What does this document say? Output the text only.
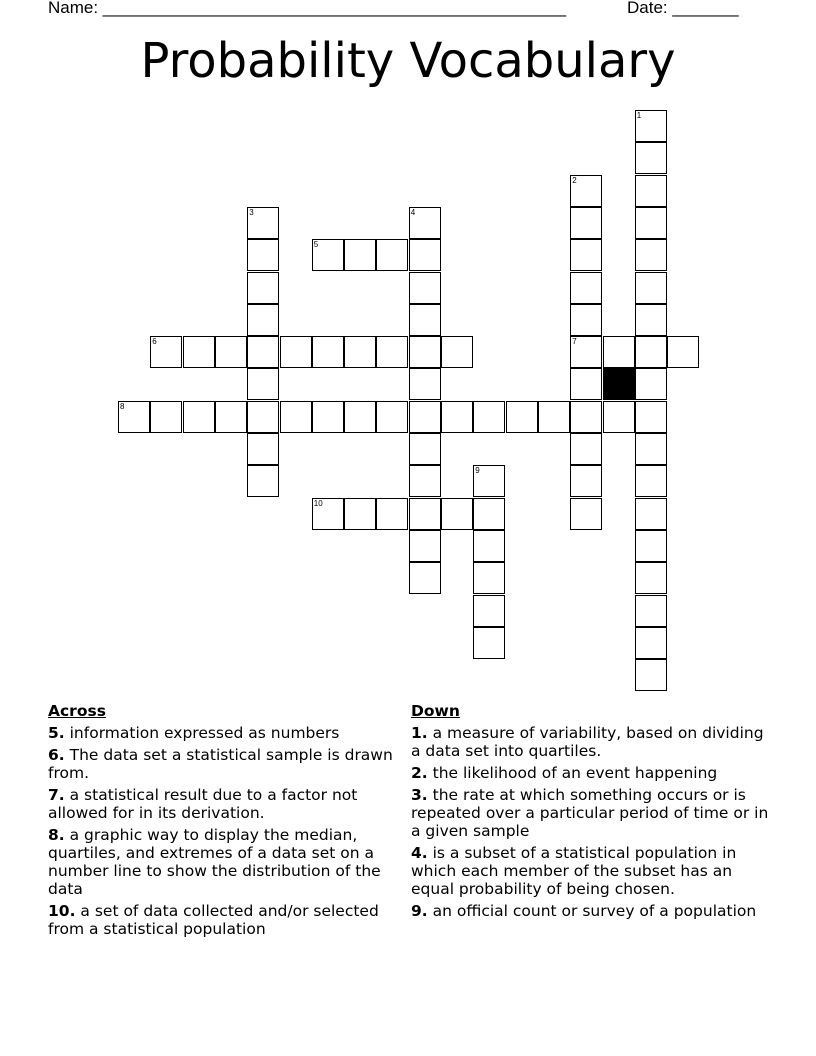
Name: _________________________________________________	Date: _______
Probability Vocabulary
5
6	7
8
10
1
2
3	4
9
Across
5. information expressed as numbers
6. The data set a statistical sample is drawn from.
7. a statistical result due to a factor not allowed for in its derivation.
8. a graphic way to display the median, quartiles, and extremes of a data set on a number line to show the distribution of the data
10. a set of data collected and/or selected from a statistical population
Down
1. a measure of variability, based on dividing a data set into quartiles.
2. the likelihood of an event happening
3. the rate at which something occurs or is repeated over a particular period of time or in a given sample
4. is a subset of a statistical population in which each member of the subset has an equal probability of being chosen.
9. an official count or survey of a population
